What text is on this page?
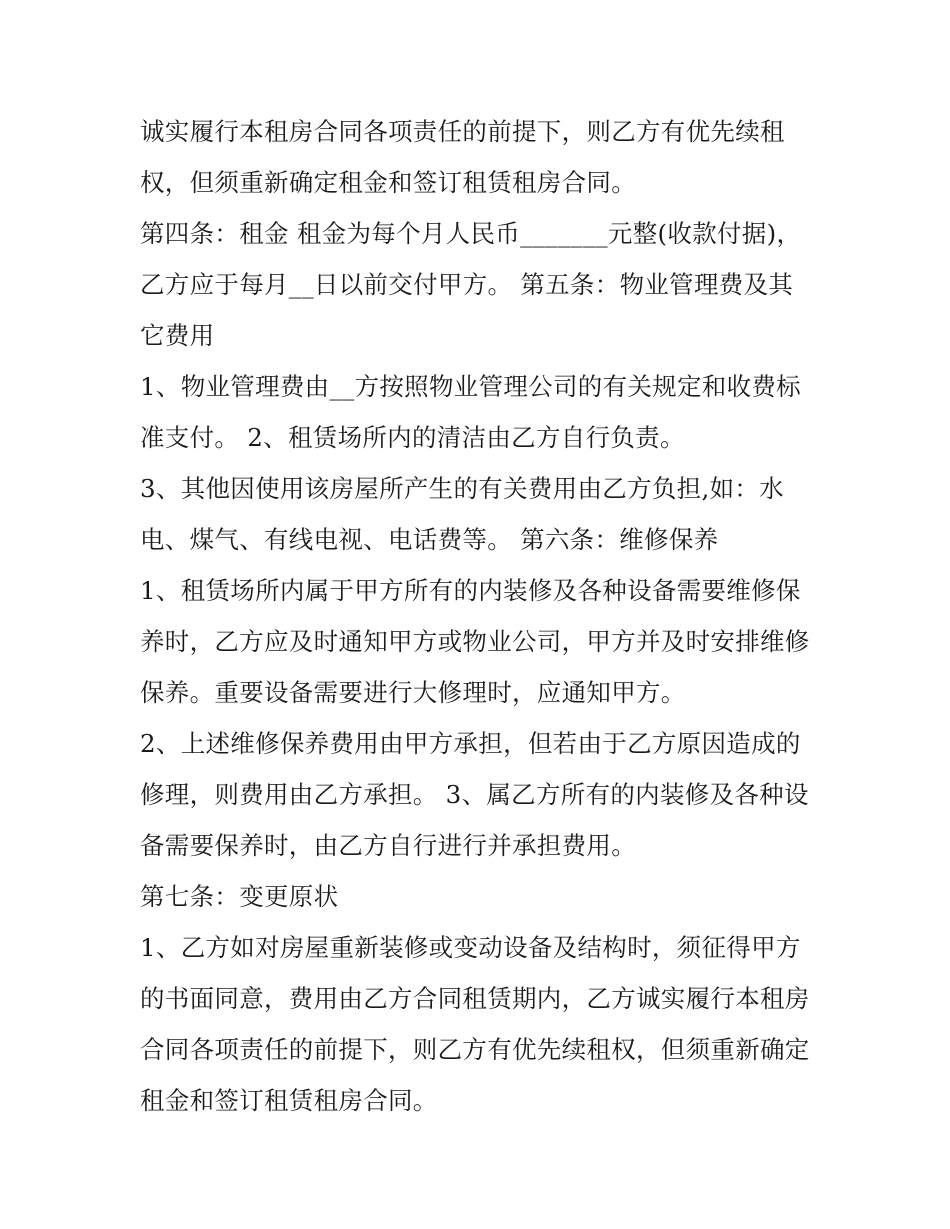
诚实履行本租房合同各项责任的前提下，则乙方有优先续租
权，但须重新确定租金和签订租赁租房合同。
第四条：租金 租金为每个月人民币_______元整(收款付据)，
乙方应于每月__日以前交付甲方。 第五条：物业管理费及其
它费用
1、物业管理费由__方按照物业管理公司的有关规定和收费标
准支付。 2、租赁场所内的清洁由乙方自行负责。
3、其他因使用该房屋所产生的有关费用由乙方负担,如：水
电、煤气、有线电视、电话费等。 第六条：维修保养
1、租赁场所内属于甲方所有的内装修及各种设备需要维修保
养时，乙方应及时通知甲方或物业公司，甲方并及时安排维修
保养。重要设备需要进行大修理时，应通知甲方。
2、上述维修保养费用由甲方承担，但若由于乙方原因造成的
修理，则费用由乙方承担。 3、属乙方所有的内装修及各种设
备需要保养时，由乙方自行进行并承担费用。
第七条：变更原状
1、乙方如对房屋重新装修或变动设备及结构时，须征得甲方
的书面同意，费用由乙方合同租赁期内，乙方诚实履行本租房
合同各项责任的前提下，则乙方有优先续租权，但须重新确定
租金和签订租赁租房合同。
